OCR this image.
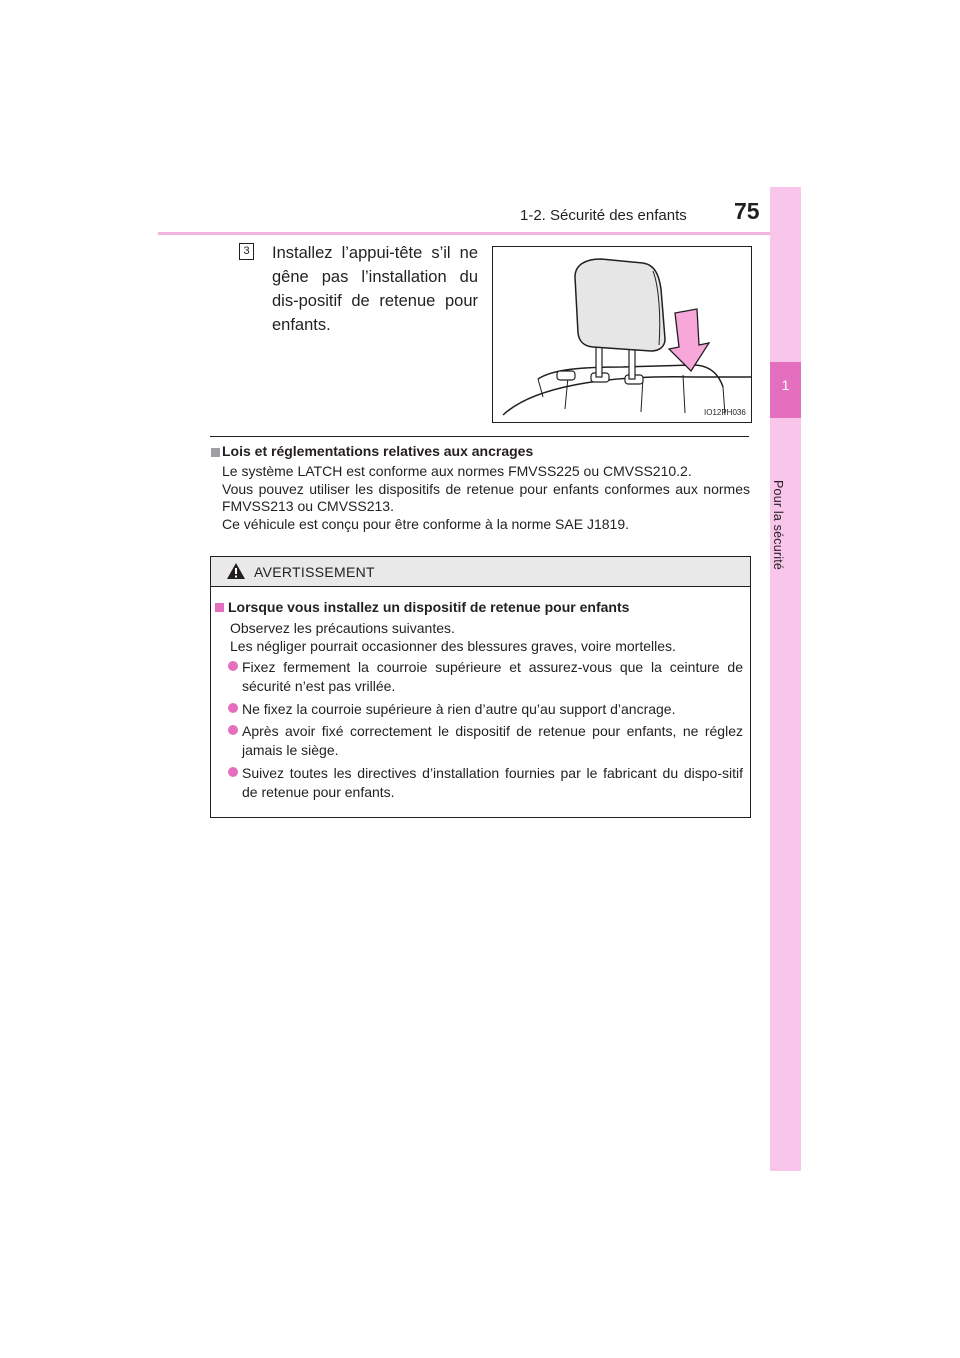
1-2. Sécurité des enfants 75
1
Pour la sécurité
3 Installez l’appui-tête s’il ne gêne pas l’installation du dis-positif de retenue pour enfants.
IO12PH036
Lois et réglementations relatives aux ancrages
Le système LATCH est conforme aux normes FMVSS225 ou CMVSS210.2.
Vous pouvez utiliser les dispositifs de retenue pour enfants conformes aux normes FMVSS213 ou CMVSS213.
Ce véhicule est conçu pour être conforme à la norme SAE J1819.
AVERTISSEMENT
Lorsque vous installez un dispositif de retenue pour enfants
Observez les précautions suivantes.
Les négliger pourrait occasionner des blessures graves, voire mortelles.
Fixez fermement la courroie supérieure et assurez-vous que la ceinture de sécurité n’est pas vrillée.
Ne fixez la courroie supérieure à rien d’autre qu’au support d’ancrage.
Après avoir fixé correctement le dispositif de retenue pour enfants, ne réglez jamais le siège.
Suivez toutes les directives d’installation fournies par le fabricant du dispo-sitif de retenue pour enfants.
